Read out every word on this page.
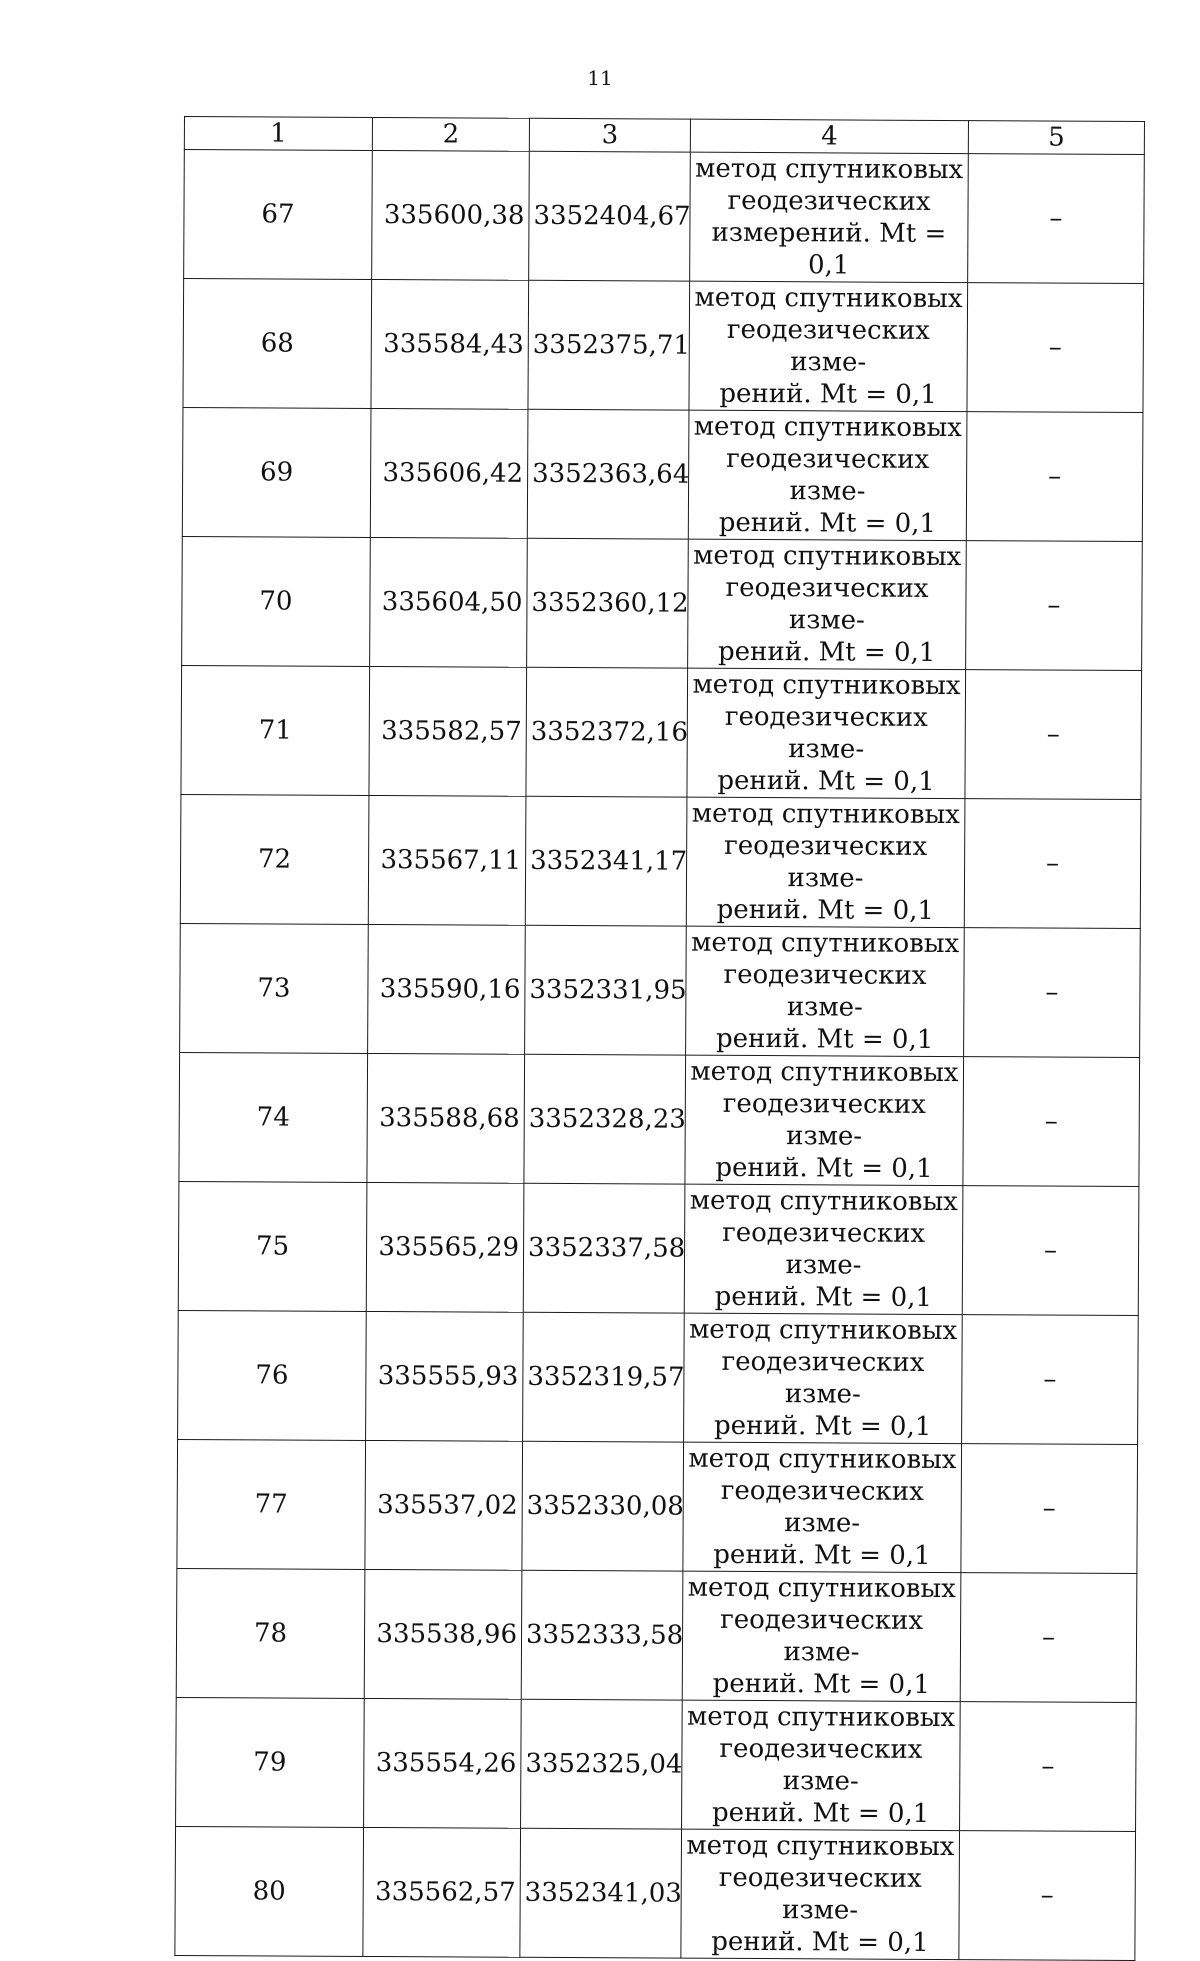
11
1	2	3	4	5
67	335600,38	3352404,67	метод спутниковых
геодезических
измерений. Mt = 0,1	–
68	335584,43	3352375,71	метод спутниковых
геодезических изме-
рений. Mt = 0,1	–
69	335606,42	3352363,64	метод спутниковых
геодезических изме-
рений. Mt = 0,1	–
70	335604,50	3352360,12	метод спутниковых
геодезических изме-
рений. Mt = 0,1	–
71	335582,57	3352372,16	метод спутниковых
геодезических изме-
рений. Mt = 0,1	–
72	335567,11	3352341,17	метод спутниковых
геодезических изме-
рений. Mt = 0,1	–
73	335590,16	3352331,95	метод спутниковых
геодезических изме-
рений. Mt = 0,1	–
74	335588,68	3352328,23	метод спутниковых
геодезических изме-
рений. Mt = 0,1	–
75	335565,29	3352337,58	метод спутниковых
геодезических изме-
рений. Mt = 0,1	–
76	335555,93	3352319,57	метод спутниковых
геодезических изме-
рений. Mt = 0,1	–
77	335537,02	3352330,08	метод спутниковых
геодезических изме-
рений. Mt = 0,1	–
78	335538,96	3352333,58	метод спутниковых
геодезических изме-
рений. Mt = 0,1	–
79	335554,26	3352325,04	метод спутниковых
геодезических изме-
рений. Mt = 0,1	–
80	335562,57	3352341,03	метод спутниковых
геодезических изме-
рений. Mt = 0,1	–
